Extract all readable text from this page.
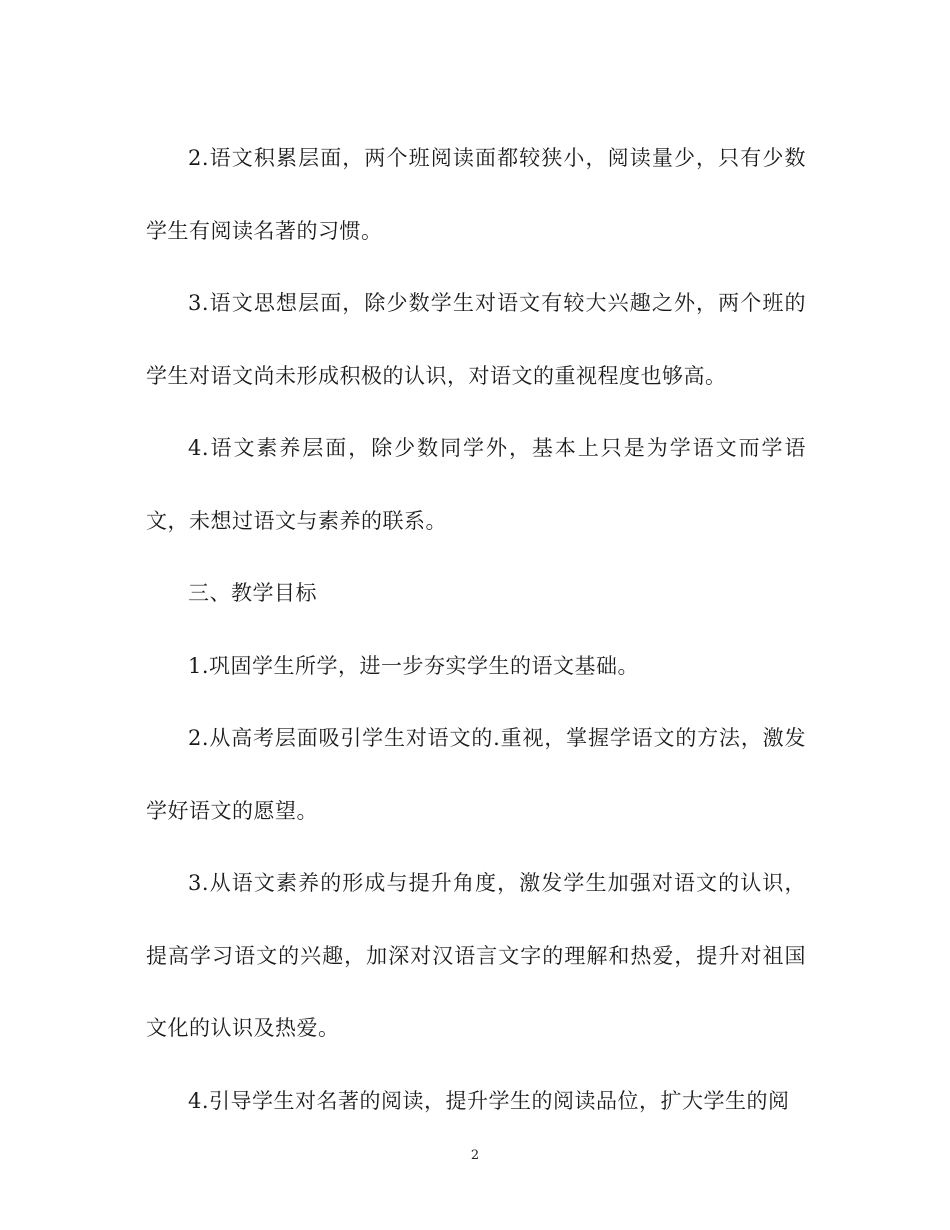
2.语文积累层面，两个班阅读面都较狭小，阅读量少，只有少数学生有阅读名著的习惯。

3.语文思想层面，除少数学生对语文有较大兴趣之外，两个班的学生对语文尚未形成积极的认识，对语文的重视程度也够高。

4.语文素养层面，除少数同学外，基本上只是为学语文而学语文，未想过语文与素养的联系。

三、教学目标

1.巩固学生所学，进一步夯实学生的语文基础。

2.从高考层面吸引学生对语文的.重视，掌握学语文的方法，激发学好语文的愿望。

3.从语文素养的形成与提升角度，激发学生加强对语文的认识，提高学习语文的兴趣，加深对汉语言文字的理解和热爱，提升对祖国文化的认识及热爱。

4.引导学生对名著的阅读，提升学生的阅读品位，扩大学生的阅

2
